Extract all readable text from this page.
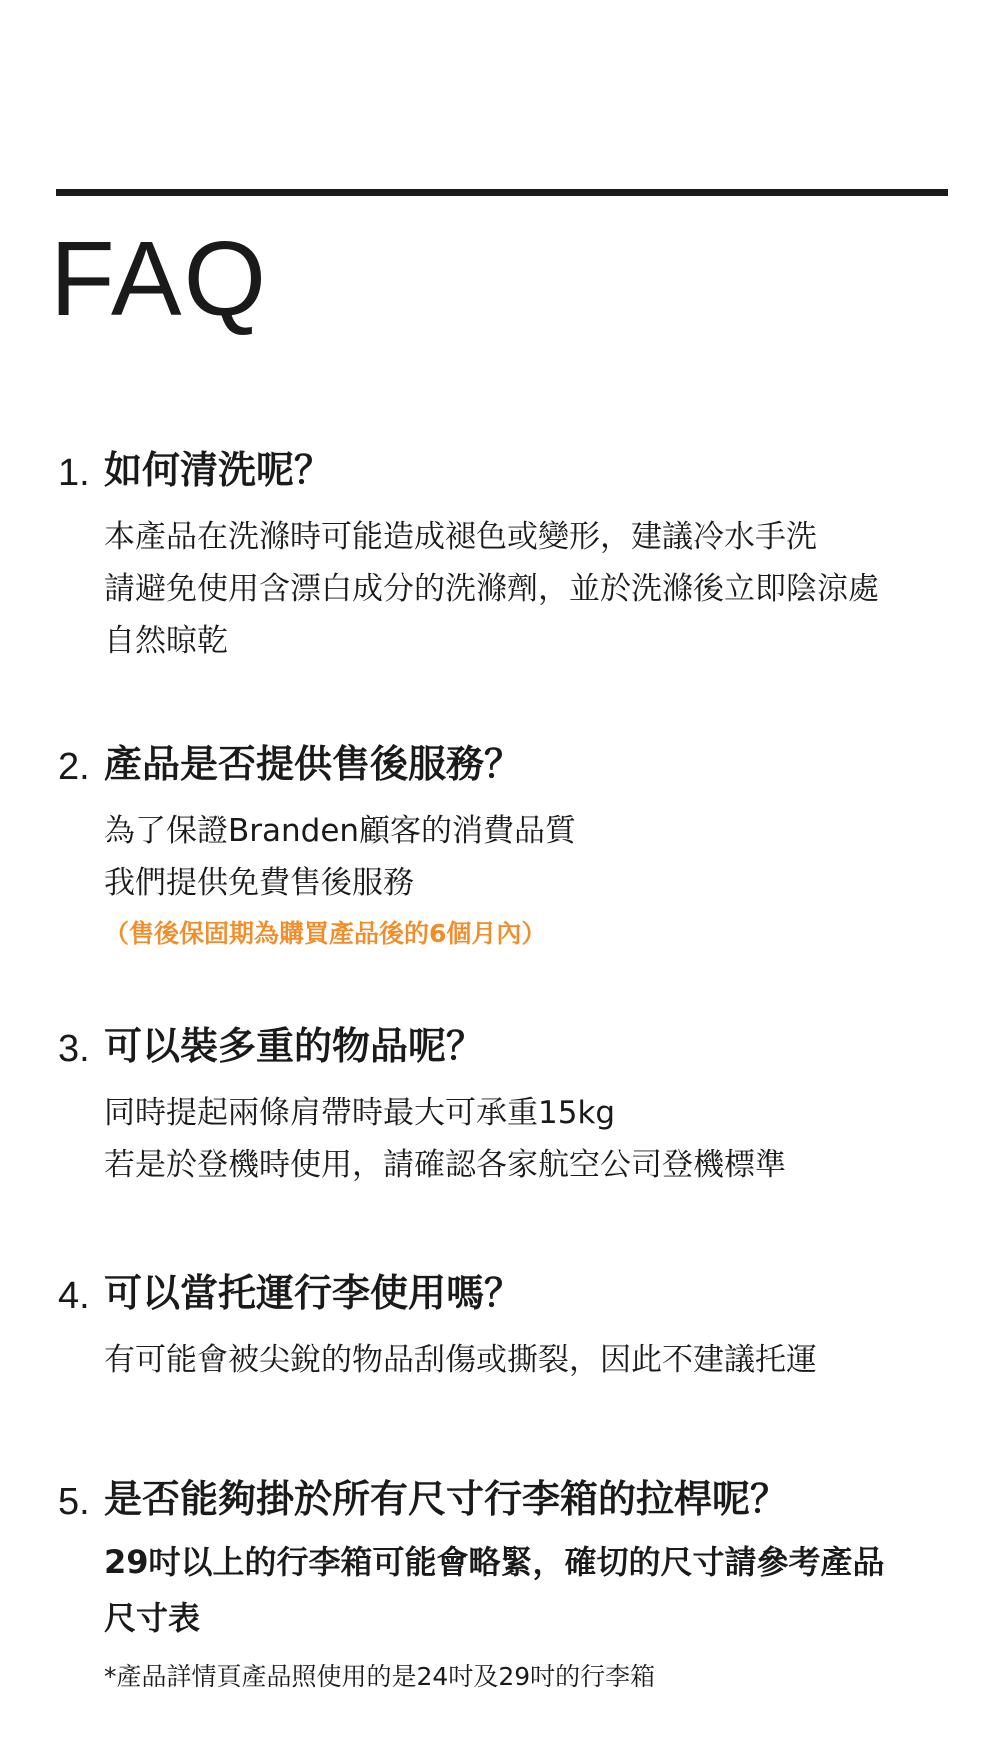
FAQ
1. 如何清洗呢？
本產品在洗滌時可能造成褪色或變形，建議冷水手洗
請避免使用含漂白成分的洗滌劑，並於洗滌後立即陰涼處
自然晾乾
2. 產品是否提供售後服務？
為了保證Branden顧客的消費品質
我們提供免費售後服務
（售後保固期為購買產品後的6個月內）
3. 可以裝多重的物品呢？
同時提起兩條肩帶時最大可承重15kg
若是於登機時使用，請確認各家航空公司登機標準
4. 可以當托運行李使用嗎？
有可能會被尖銳的物品刮傷或撕裂，因此不建議托運
5. 是否能夠掛於所有尺寸行李箱的拉桿呢？
29吋以上的行李箱可能會略緊，確切的尺寸請參考產品
尺寸表
*產品詳情頁產品照使用的是24吋及29吋的行李箱
